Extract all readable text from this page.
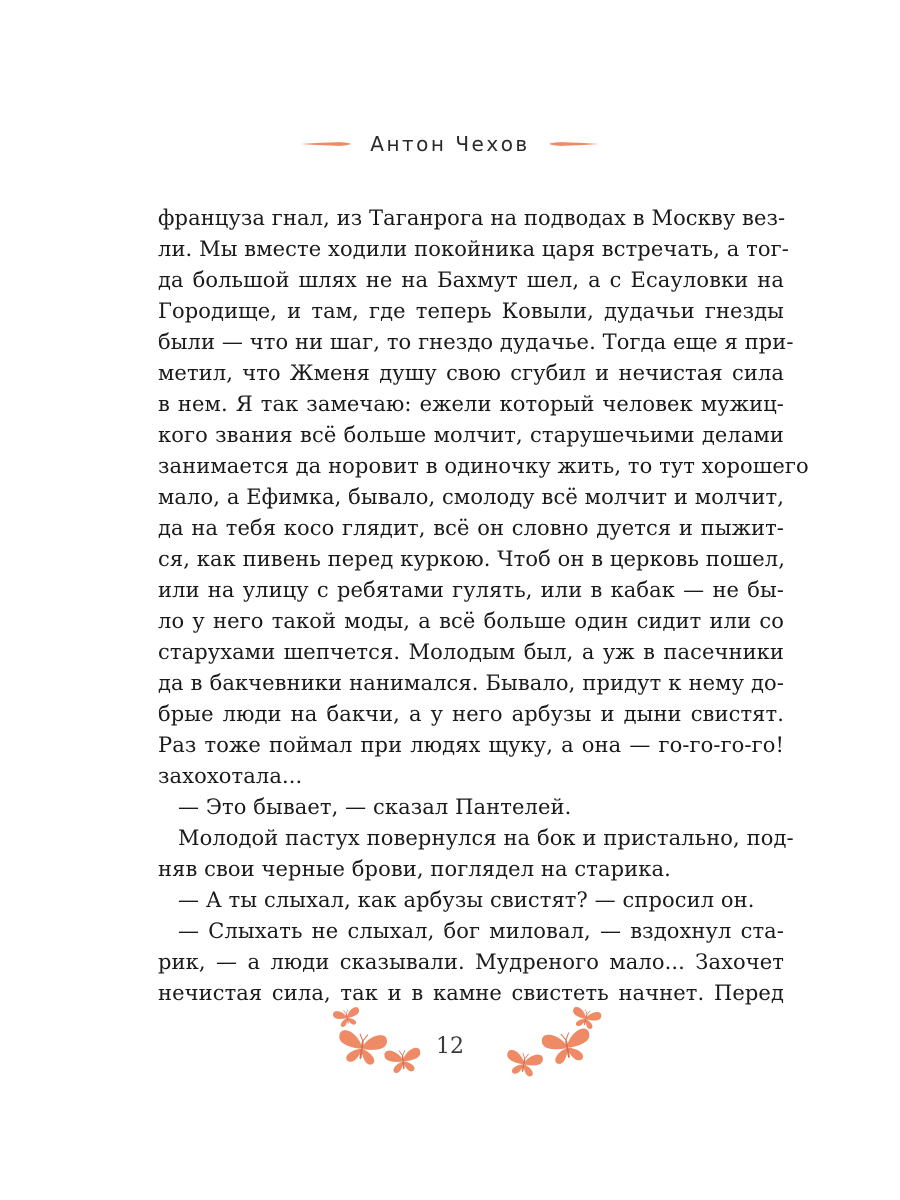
Антон Чехов
француза гнал, из Таганрога на подводах в Москву вез-
ли. Мы вместе ходили покойника царя встречать, а тог-
да большой шлях не на Бахмут шел, а с Есауловки на
Городище, и там, где теперь Ковыли, дудачьи гнезды
были — что ни шаг, то гнездо дудачье. Тогда еще я при-
метил, что Жменя душу свою сгубил и нечистая сила
в нем. Я так замечаю: ежели который человек мужиц-
кого звания всё больше молчит, старушечьими делами
занимается да норовит в одиночку жить, то тут хорошего
мало, а Ефимка, бывало, смолоду всё молчит и молчит,
да на тебя косо глядит, всё он словно дуется и пыжит-
ся, как пивень перед куркою. Чтоб он в церковь пошел,
или на улицу с ребятами гулять, или в кабак — не бы-
ло у него такой моды, а всё больше один сидит или со
старухами шепчется. Молодым был, а уж в пасечники
да в бакчевники нанимался. Бывало, придут к нему до-
брые люди на бакчи, а у него арбузы и дыни свистят.
Раз тоже поймал при людях щуку, а она — го-го-го-го!
захохотала...
— Это бывает, — сказал Пантелей.
Молодой пастух повернулся на бок и пристально, под-
няв свои черные брови, поглядел на старика.
— А ты слыхал, как арбузы свистят? — спросил он.
— Слыхать не слыхал, бог миловал, — вздохнул ста-
рик, — а люди сказывали. Мудреного мало... Захочет
нечистая сила, так и в камне свистеть начнет. Перед
12
